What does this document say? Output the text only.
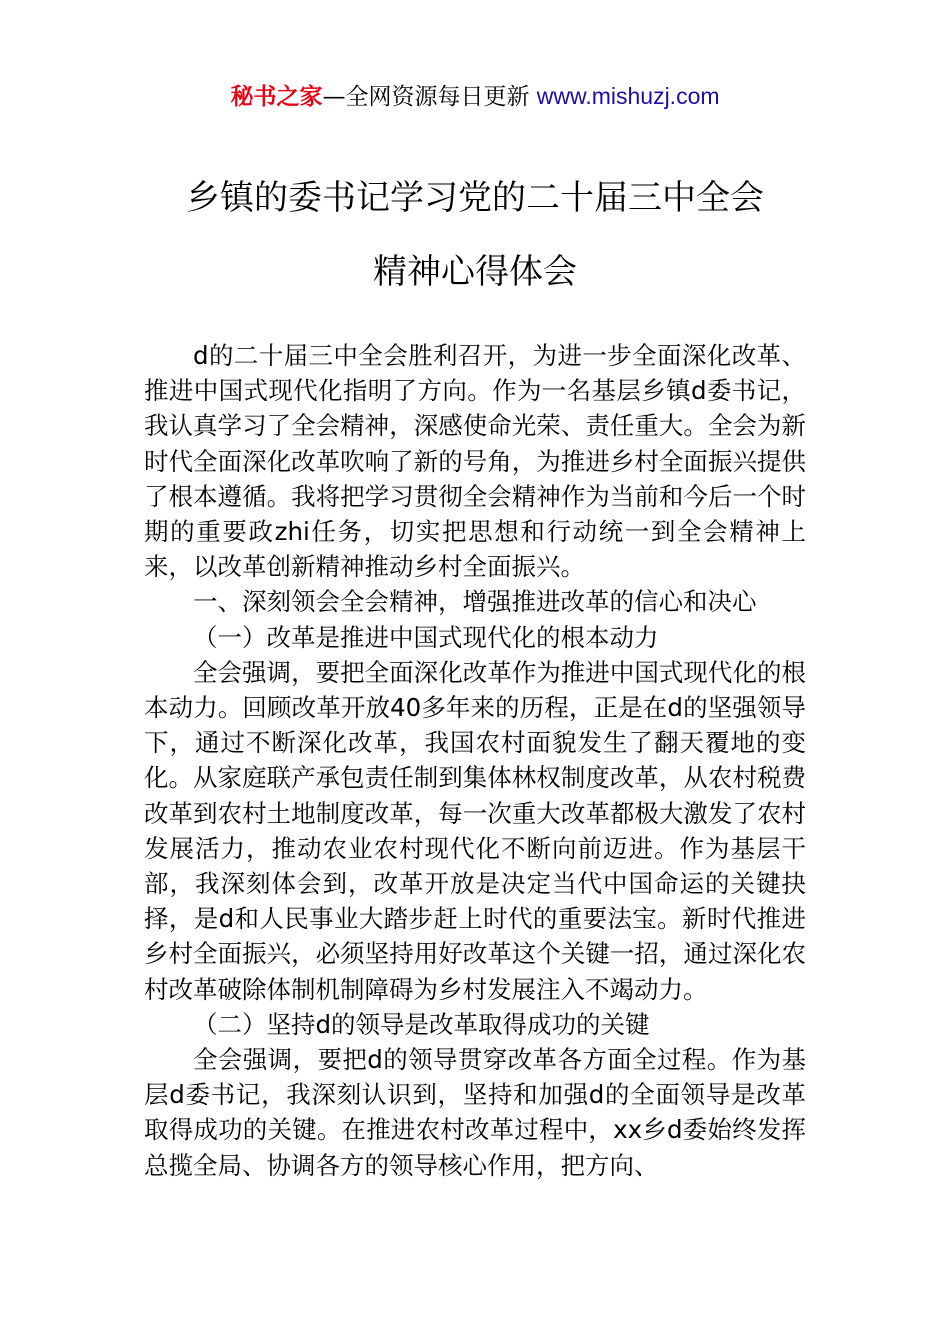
秘书之家—全网资源每日更新 www.mishuzj.com
乡镇的委书记学习党的二十届三中全会
精神心得体会

d的二十届三中全会胜利召开，为进一步全面深化改革、推进中国式现代化指明了方向。作为一名基层乡镇d委书记，我认真学习了全会精神，深感使命光荣、责任重大。全会为新时代全面深化改革吹响了新的号角，为推进乡村全面振兴提供了根本遵循。我将把学习贯彻全会精神作为当前和今后一个时期的重要政zhi任务，切实把思想和行动统一到全会精神上来，以改革创新精神推动乡村全面振兴。

一、深刻领会全会精神，增强推进改革的信心和决心

（一）改革是推进中国式现代化的根本动力

全会强调，要把全面深化改革作为推进中国式现代化的根本动力。回顾改革开放40多年来的历程，正是在d的坚强领导下，通过不断深化改革，我国农村面貌发生了翻天覆地的变化。从家庭联产承包责任制到集体林权制度改革，从农村税费改革到农村土地制度改革，每一次重大改革都极大激发了农村发展活力，推动农业农村现代化不断向前迈进。作为基层干部，我深刻体会到，改革开放是决定当代中国命运的关键抉择，是d和人民事业大踏步赶上时代的重要法宝。新时代推进乡村全面振兴，必须坚持用好改革这个关键一招，通过深化农村改革破除体制机制障碍为乡村发展注入不竭动力。

（二）坚持d的领导是改革取得成功的关键

全会强调，要把d的领导贯穿改革各方面全过程。作为基层d委书记，我深刻认识到，坚持和加强d的全面领导是改革取得成功的关键。在推进农村改革过程中，xx乡d委始终发挥总揽全局、协调各方的领导核心作用，把方向、
